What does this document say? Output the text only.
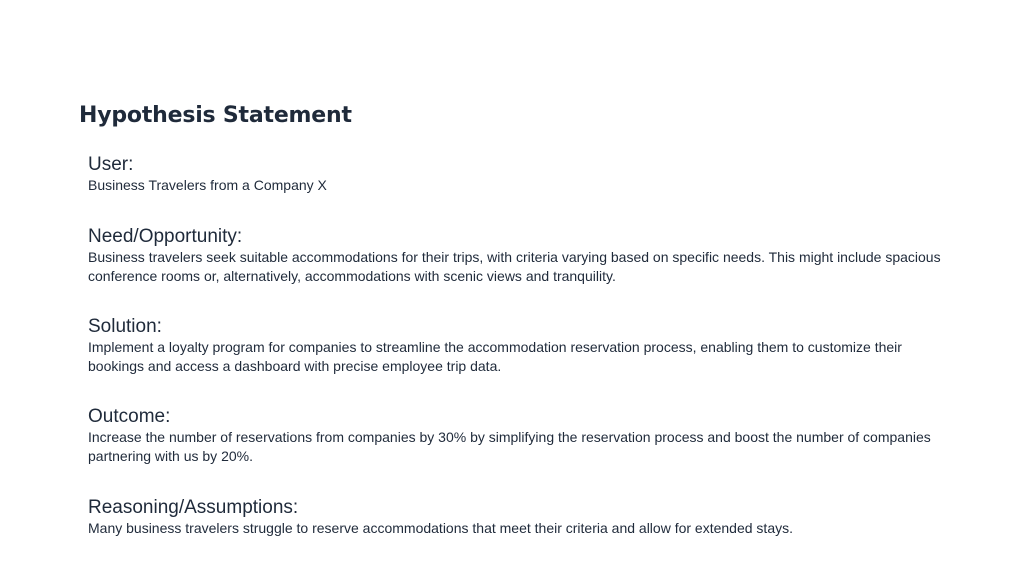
Hypothesis Statement

User:

Business Travelers from a Company X

Need/Opportunity:

Business travelers seek suitable accommodations for their trips, with criteria varying based on specific needs. This might include spacious conference rooms or, alternatively, accommodations with scenic views and tranquility.

Solution:

Implement a loyalty program for companies to streamline the accommodation reservation process, enabling them to customize their bookings and access a dashboard with precise employee trip data.

Outcome:

Increase the number of reservations from companies by 30% by simplifying the reservation process and boost the number of companies partnering with us by 20%.

Reasoning/Assumptions:

Many business travelers struggle to reserve accommodations that meet their criteria and allow for extended stays.
